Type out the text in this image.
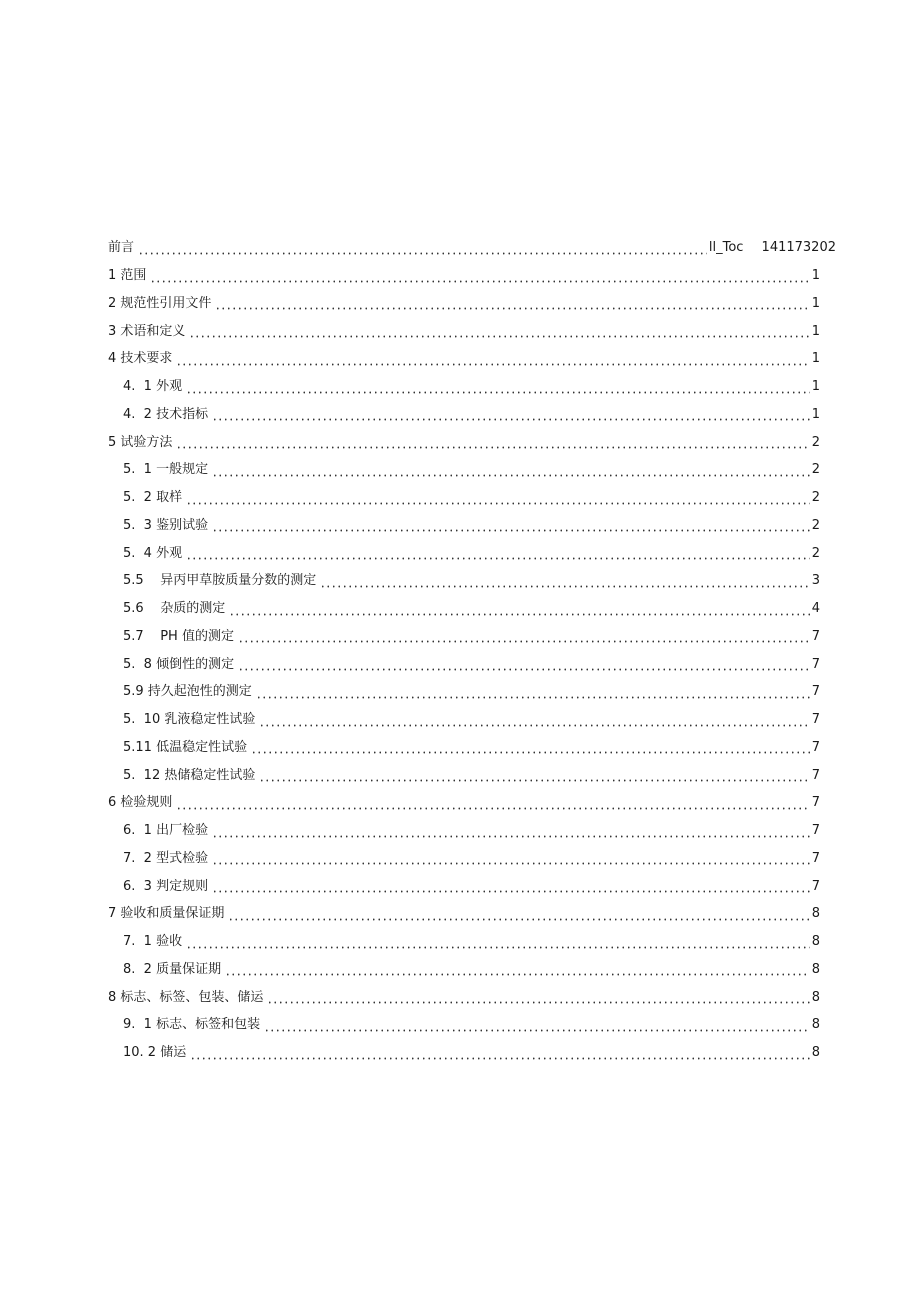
前言	ll_Toc 141173202
1 范围	1
2 规范性引用文件	1
3 术语和定义	1
4 技术要求	1
4.  1 外观	1
4.  2 技术指标	1
5 试验方法	2
5.  1 一般规定	2
5.  2 取样	2
5.  3 鉴别试验	2
5.  4 外观	2
5.5    异丙甲草胺质量分数的测定	3
5.6    杂质的测定	4
5.7    PH 值的测定	7
5.  8 倾倒性的测定	7
5.9 持久起泡性的测定	7
5.  10 乳液稳定性试验	7
5.11 低温稳定性试验	7
5.  12 热储稳定性试验	7
6 检验规则	7
6.  1 出厂检验	7
7.  2 型式检验	7
6.  3 判定规则	7
7 验收和质量保证期	8
7.  1 验收	8
8.  2 质量保证期	8
8 标志、标签、包装、储运	8
9.  1 标志、标签和包装	8
10. 2 储运	8
